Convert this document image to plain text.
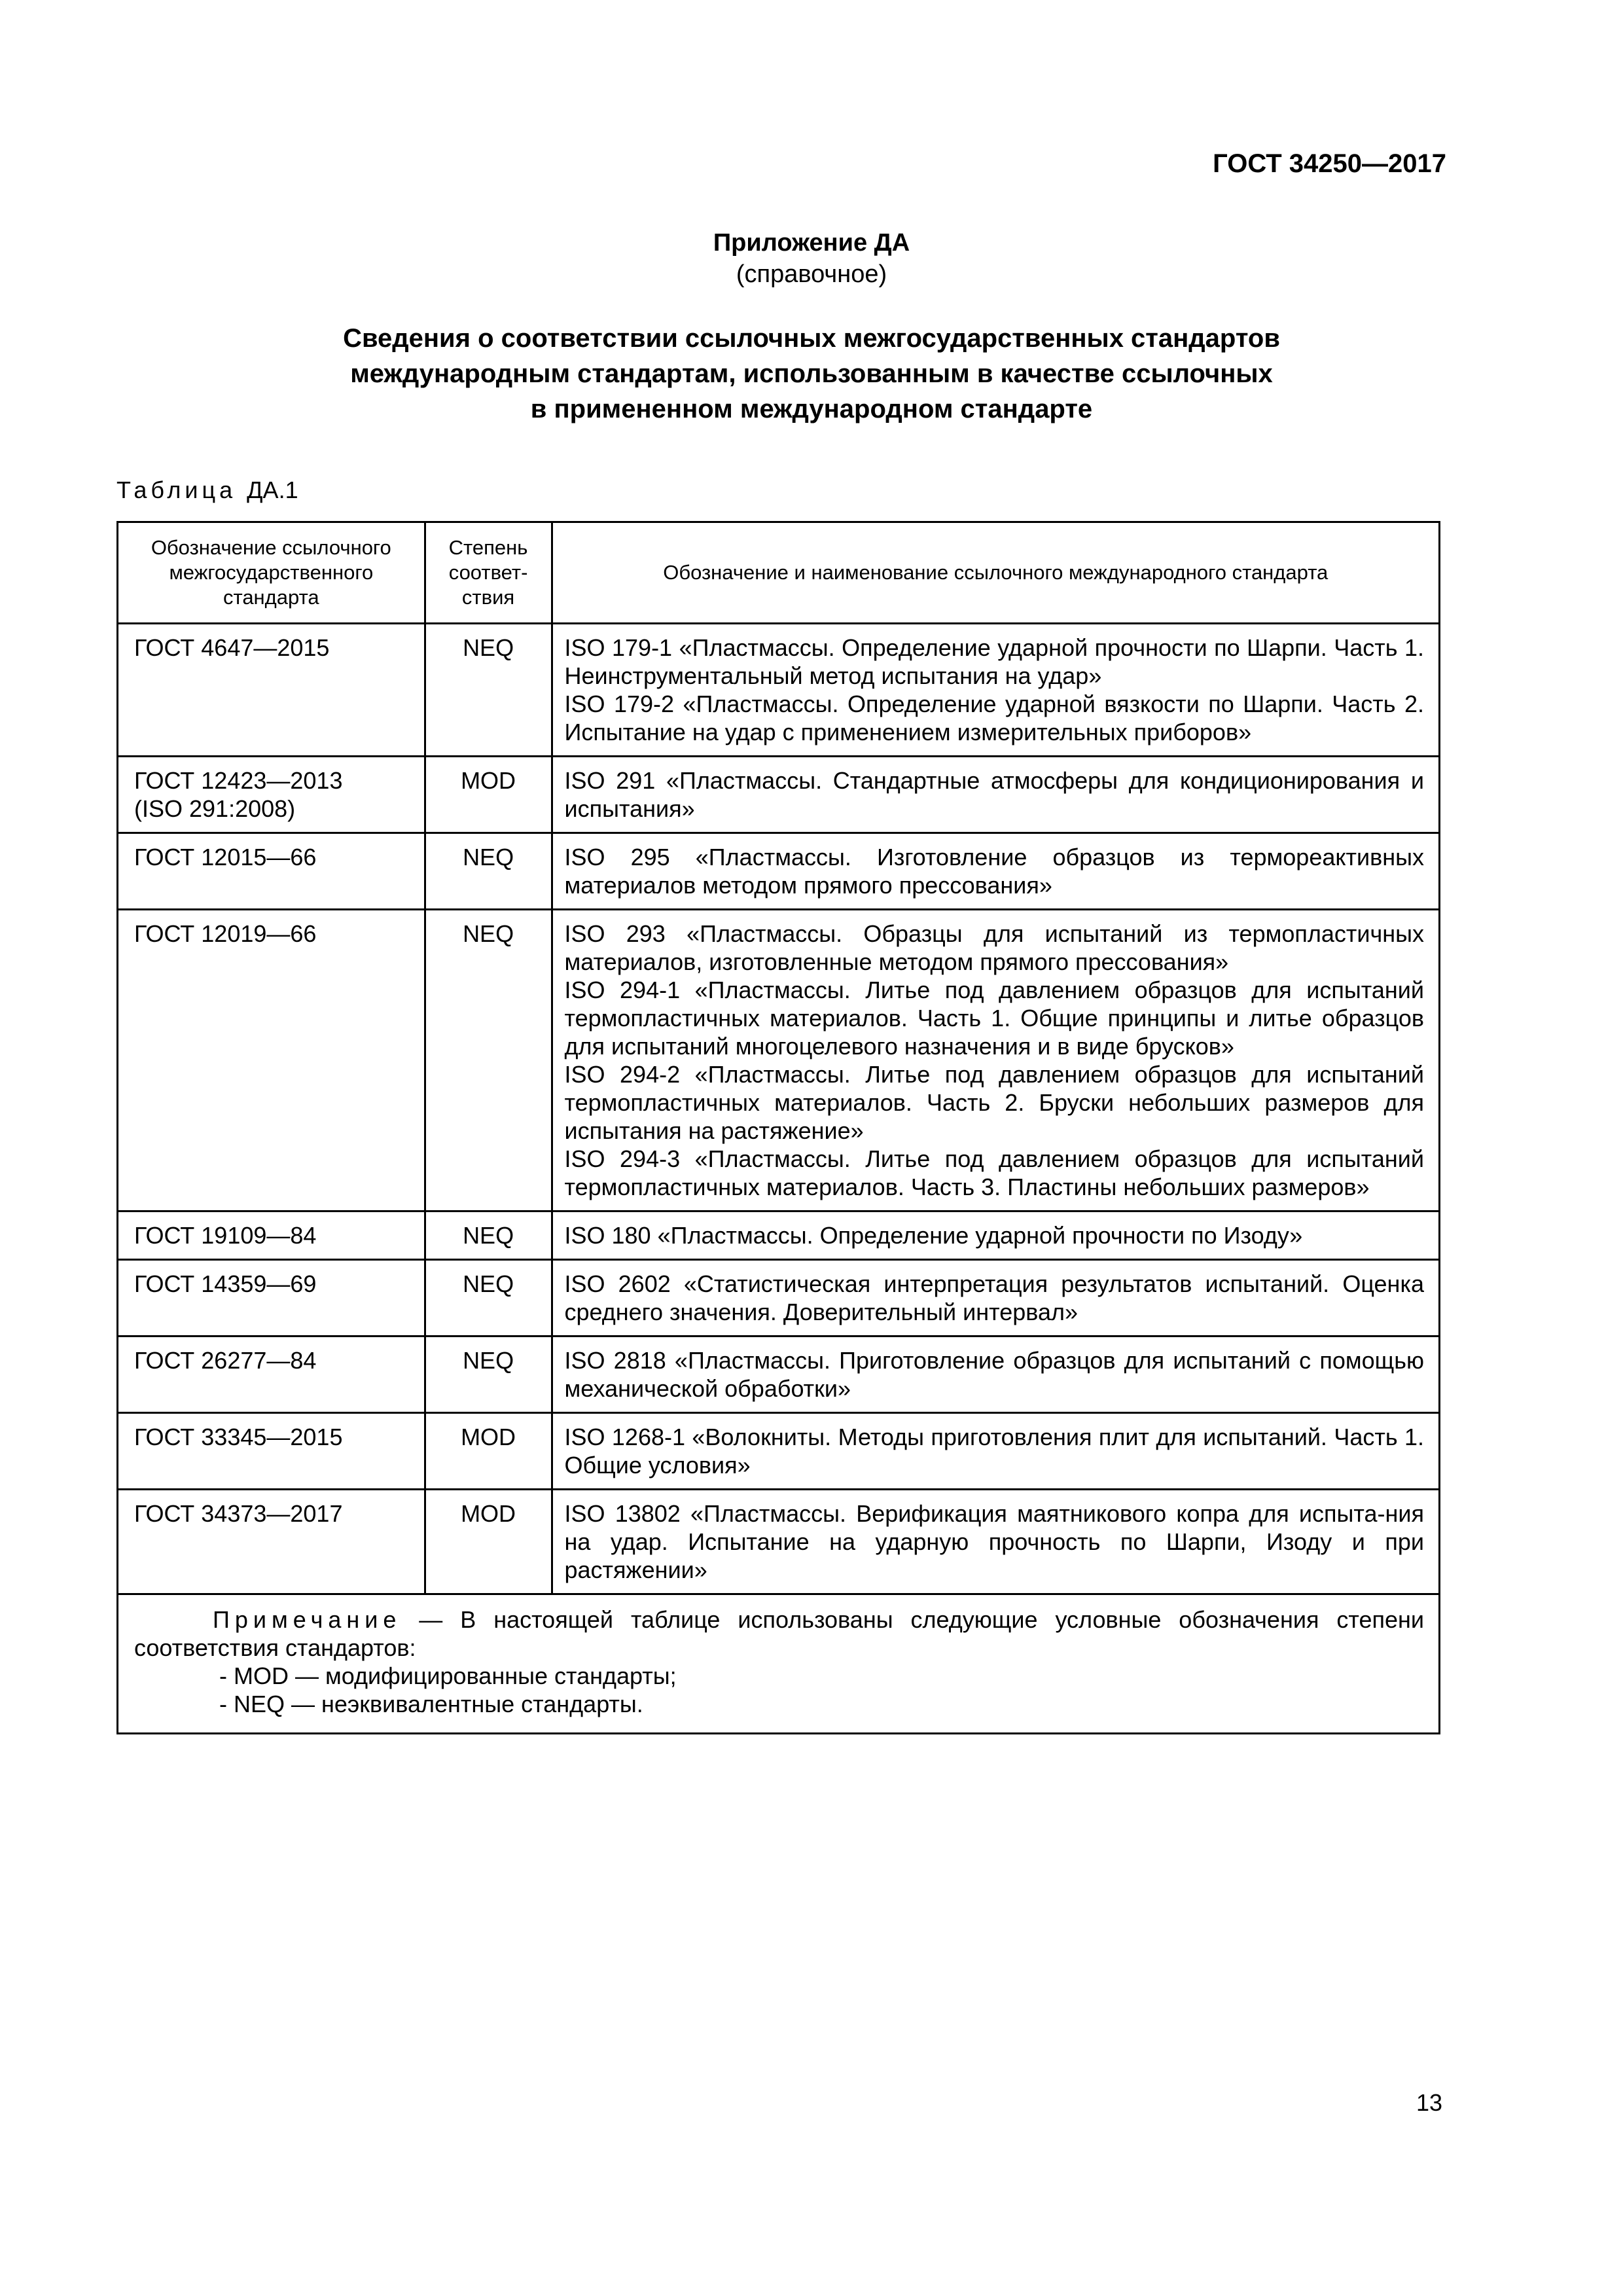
ГОСТ 34250—2017
Приложение ДА
(справочное)
Сведения о соответствии ссылочных межгосударственных стандартов
международным стандартам, использованным в качестве ссылочных
в примененном международном стандарте
Таблица ДА.1
Обозначение ссылочного межгосударственного стандарта	Степень соответ-ствия	Обозначение и наименование ссылочного международного стандарта

ГОСТ 4647—2015	NEQ	ISO 179-1 «Пластмассы. Определение ударной прочности по Шарпи. Часть 1. Неинструментальный метод испытания на удар»
ISO 179-2 «Пластмассы. Определение ударной вязкости по Шарпи. Часть 2. Испытание на удар с применением измерительных приборов»

ГОСТ 12423—2013
(ISO 291:2008)	MOD	ISO 291 «Пластмассы. Стандартные атмосферы для кондиционирования и испытания»

ГОСТ 12015—66	NEQ	ISO 295 «Пластмассы. Изготовление образцов из термореактивных материалов методом прямого прессования»

ГОСТ 12019—66	NEQ	ISO 293 «Пластмассы. Образцы для испытаний из термопластичных материалов, изготовленные методом прямого прессования»
ISO 294-1 «Пластмассы. Литье под давлением образцов для испытаний термопластичных материалов. Часть 1. Общие принципы и литье образцов для испытаний многоцелевого назначения и в виде брусков»
ISO 294-2 «Пластмассы. Литье под давлением образцов для испытаний термопластичных материалов. Часть 2. Бруски небольших размеров для испытания на растяжение»
ISO 294-3 «Пластмассы. Литье под давлением образцов для испытаний термопластичных материалов. Часть 3. Пластины небольших размеров»

ГОСТ 19109—84	NEQ	ISO 180 «Пластмассы. Определение ударной прочности по Изоду»

ГОСТ 14359—69	NEQ	ISO 2602 «Статистическая интерпретация результатов испытаний. Оценка среднего значения. Доверительный интервал»

ГОСТ 26277—84	NEQ	ISO 2818 «Пластмассы. Приготовление образцов для испытаний с помощью механической обработки»

ГОСТ 33345—2015	MOD	ISO 1268-1 «Волокниты. Методы приготовления плит для испытаний. Часть 1. Общие условия»

ГОСТ 34373—2017	MOD	ISO 13802 «Пластмассы. Верификация маятникового копра для испыта-ния на удар. Испытание на ударную прочность по Шарпи, Изоду и при растяжении»

Примечание — В настоящей таблице использованы следующие условные обозначения степени соответствия стандартов:
- MOD — модифицированные стандарты;
- NEQ — неэквивалентные стандарты.		
13
